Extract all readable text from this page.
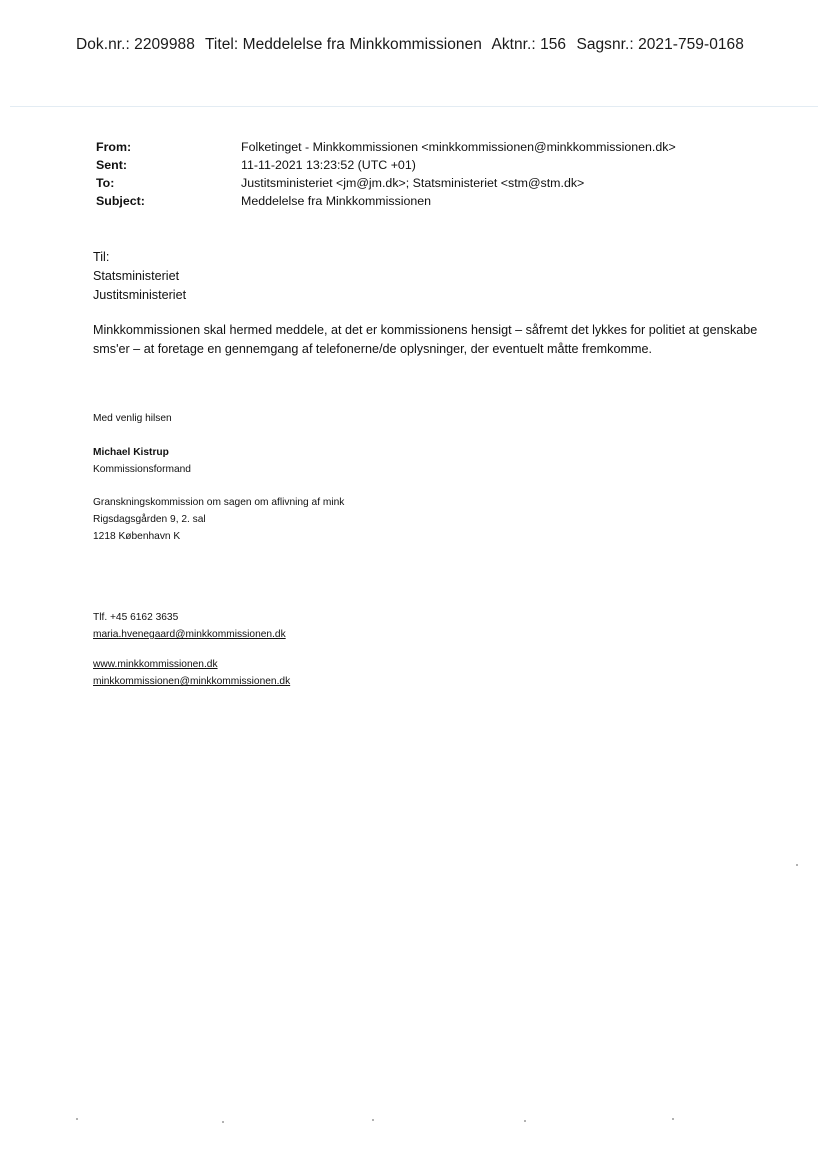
Dok.nr.: 2209988 Titel: Meddelelse fra Minkkommissionen Aktnr.: 156 Sagsnr.: 2021-759-0168
From:	Folketinget - Minkkommissionen <minkkommissionen@minkkommissionen.dk>
Sent:	11-11-2021 13:23:52 (UTC +01)
To:	Justitsministeriet <jm@jm.dk>; Statsministeriet <stm@stm.dk>
Subject:	Meddelelse fra Minkkommissionen
Til:
Statsministeriet
Justitsministeriet
Minkkommissionen skal hermed meddele, at det er kommissionens hensigt – såfremt det lykkes for politiet at genskabe sms'er – at foretage en gennemgang af telefonerne/de oplysninger, der eventuelt måtte fremkomme.
Med venlig hilsen
Michael Kistrup
Kommissionsformand
Granskningskommission om sagen om aflivning af mink
Rigsdagsgården 9, 2. sal
1218 København K
Tlf. +45 6162 3635
maria.hvenegaard@minkkommissionen.dk
www.minkkommissionen.dk
minkkommissionen@minkkommissionen.dk
